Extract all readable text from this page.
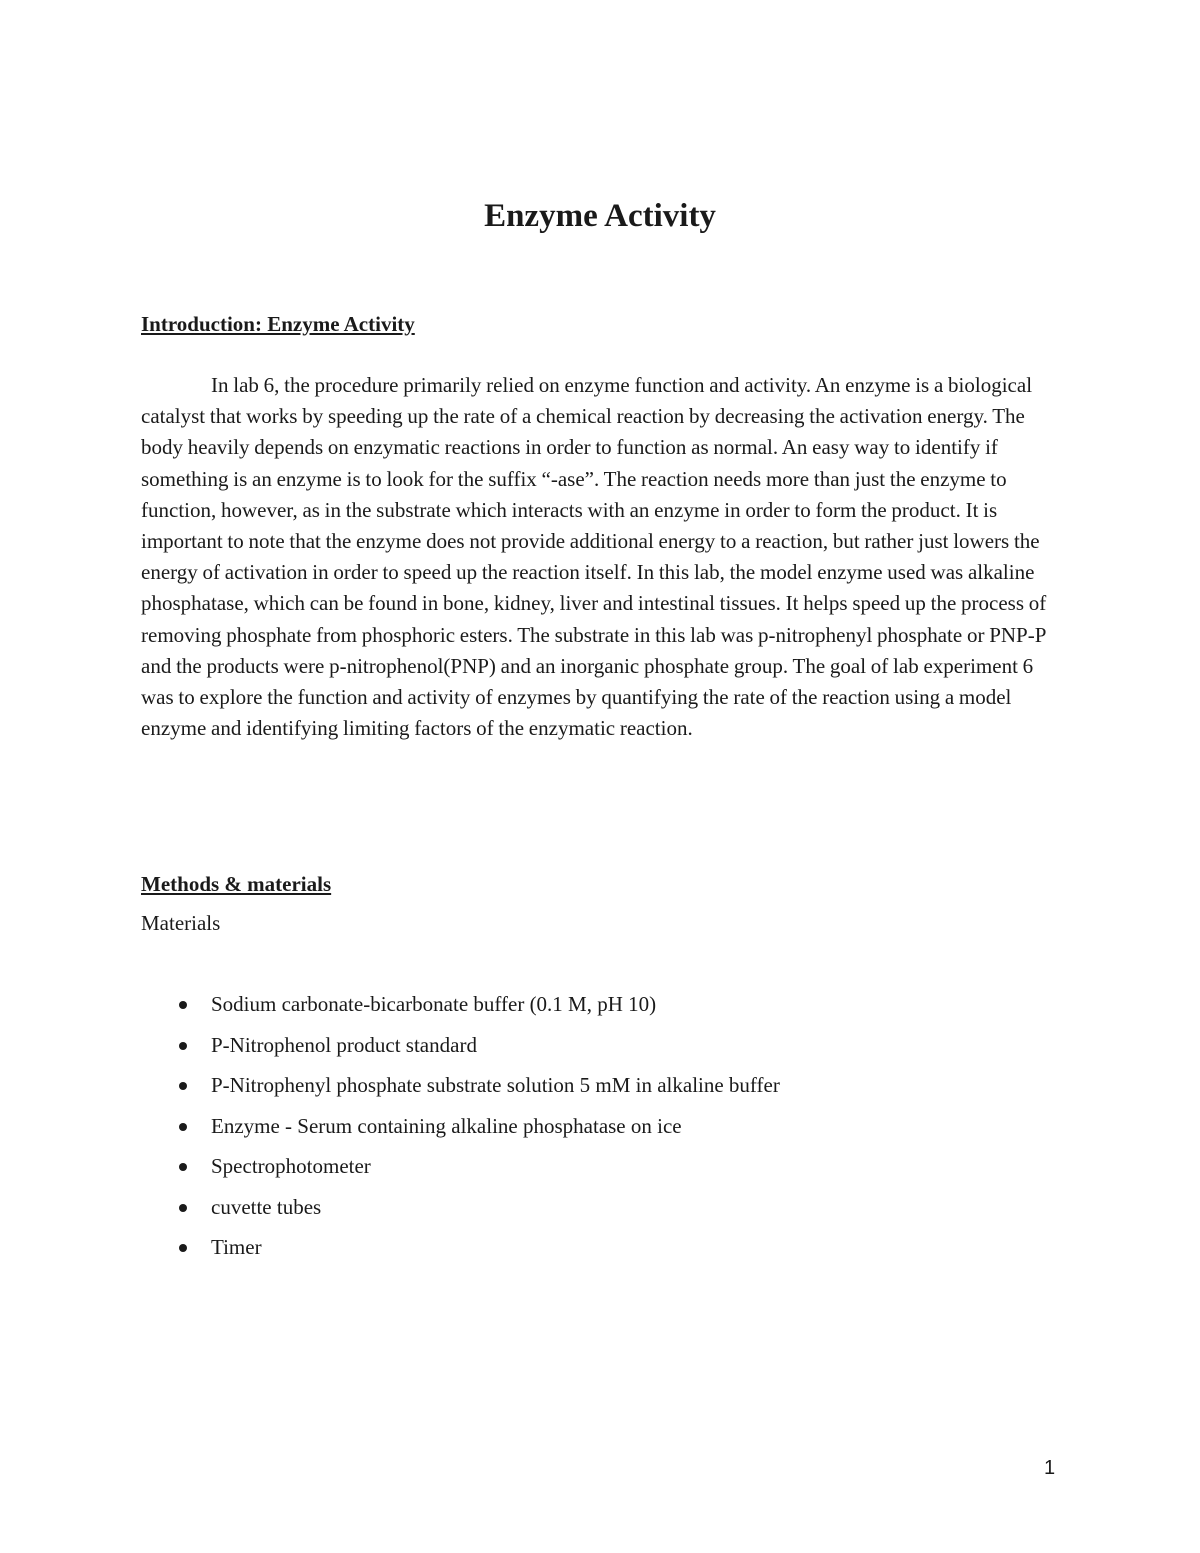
Enzyme Activity
Introduction: Enzyme Activity

In lab 6, the procedure primarily relied on enzyme function and activity. An enzyme is a biological catalyst that works by speeding up the rate of a chemical reaction by decreasing the activation energy. The body heavily depends on enzymatic reactions in order to function as normal. An easy way to identify if something is an enzyme is to look for the suffix “-ase”. The reaction needs more than just the enzyme to function, however, as in the substrate which interacts with an enzyme in order to form the product. It is important to note that the enzyme does not provide additional energy to a reaction, but rather just lowers the energy of activation in order to speed up the reaction itself. In this lab, the model enzyme used was alkaline phosphatase, which can be found in bone, kidney, liver and intestinal tissues. It helps speed up the process of removing phosphate from phosphoric esters. The substrate in this lab was p-nitrophenyl phosphate or PNP-P and the products were p-nitrophenol(PNP) and an inorganic phosphate group. The goal of lab experiment 6 was to explore the function and activity of enzymes by quantifying the rate of the reaction using a model enzyme and identifying limiting factors of the enzymatic reaction.

Methods & materials

Materials

Sodium carbonate-bicarbonate buffer (0.1 M, pH 10)
P-Nitrophenol product standard
P-Nitrophenyl phosphate substrate solution 5 mM in alkaline buffer
Enzyme - Serum containing alkaline phosphatase on ice
Spectrophotometer
cuvette tubes
Timer

1
